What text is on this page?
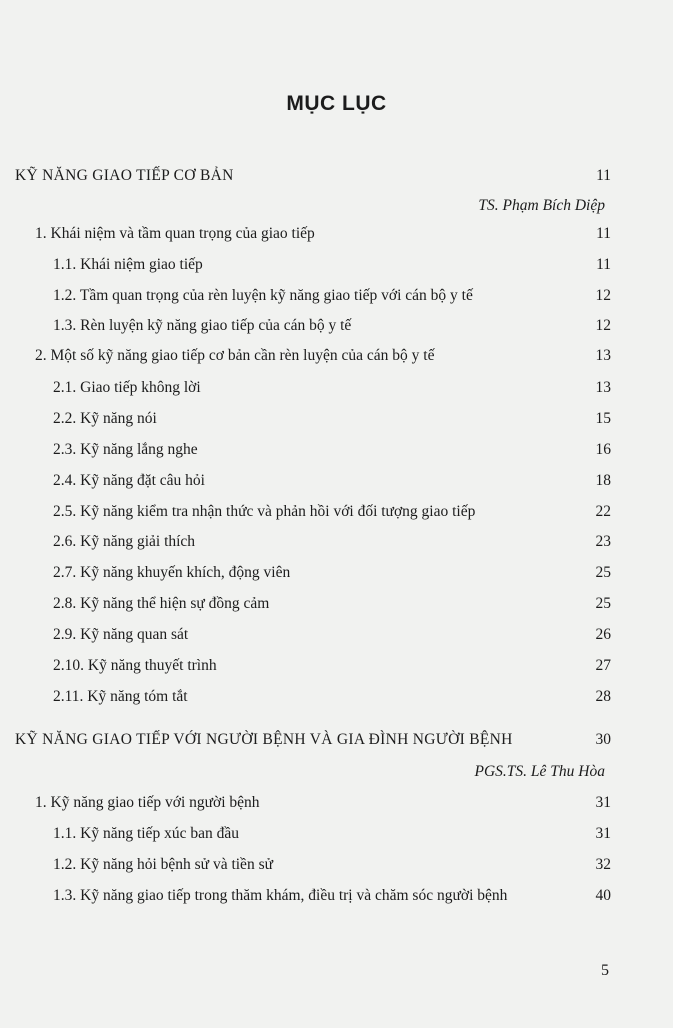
MỤC LỤC
KỸ NĂNG GIAO TIẾP CƠ BẢN	11
TS. Phạm Bích Diệp
1. Khái niệm và tầm quan trọng của giao tiếp	11
1.1. Khái niệm giao tiếp	11
1.2. Tầm quan trọng của rèn luyện kỹ năng giao tiếp với cán bộ y tế	12
1.3. Rèn luyện kỹ năng giao tiếp của cán bộ y tế	12
2. Một số kỹ năng giao tiếp cơ bản cần rèn luyện của cán bộ y tế	13
2.1. Giao tiếp không lời	13
2.2. Kỹ năng nói	15
2.3. Kỹ năng lắng nghe	16
2.4. Kỹ năng đặt câu hỏi	18
2.5. Kỹ năng kiểm tra nhận thức và phản hồi với đối tượng giao tiếp	22
2.6. Kỹ năng giải thích	23
2.7. Kỹ năng khuyến khích, động viên	25
2.8. Kỹ năng thể hiện sự đồng cảm	25
2.9. Kỹ năng quan sát	26
2.10. Kỹ năng thuyết trình	27
2.11. Kỹ năng tóm tắt	28
KỸ NĂNG GIAO TIẾP VỚI NGƯỜI BỆNH VÀ GIA ĐÌNH NGƯỜI BỆNH	30
PGS.TS. Lê Thu Hòa
1. Kỹ năng giao tiếp với người bệnh	31
1.1. Kỹ năng tiếp xúc ban đầu	31
1.2. Kỹ năng hỏi bệnh sử và tiền sử	32
1.3. Kỹ năng giao tiếp trong thăm khám, điều trị và chăm sóc người bệnh	40
5
